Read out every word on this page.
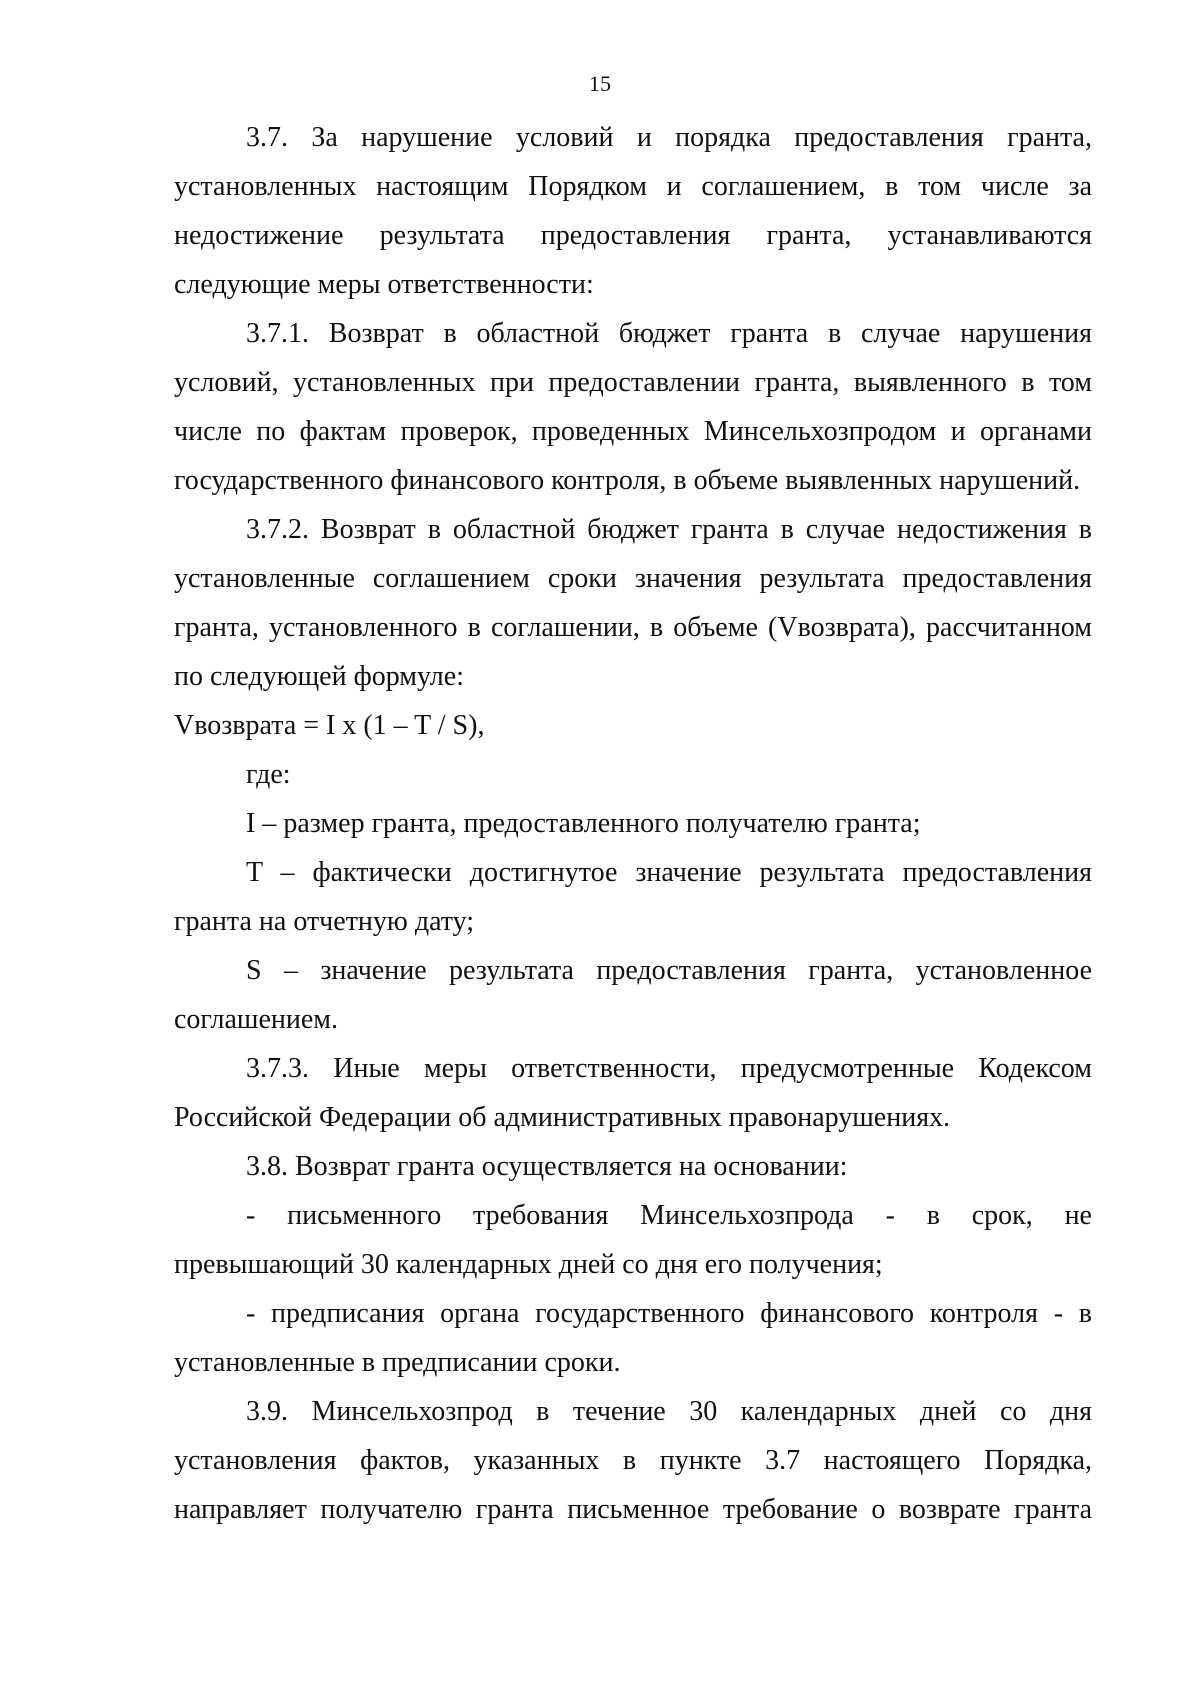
15

3.7. За нарушение условий и порядка предоставления гранта, установленных настоящим Порядком и соглашением, в том числе за недостижение результата предоставления гранта, устанавливаются следующие меры ответственности:

3.7.1. Возврат в областной бюджет гранта в случае нарушения условий, установленных при предоставлении гранта, выявленного в том числе по фактам проверок, проведенных Минсельхозпродом и органами государственного финансового контроля, в объеме выявленных нарушений.

3.7.2. Возврат в областной бюджет гранта в случае недостижения в установленные соглашением сроки значения результата предоставления гранта, установленного в соглашении, в объеме (Vвозврата), рассчитанном по следующей формуле:

Vвозврата = I x (1 – T / S),

где:

I – размер гранта, предоставленного получателю гранта;

T – фактически достигнутое значение результата предоставления гранта на отчетную дату;

S – значение результата предоставления гранта, установленное соглашением.

3.7.3. Иные меры ответственности, предусмотренные Кодексом Российской Федерации об административных правонарушениях.

3.8. Возврат гранта осуществляется на основании:

- письменного требования Минсельхозпрода - в срок, не превышающий 30 календарных дней со дня его получения;

- предписания органа государственного финансового контроля - в установленные в предписании сроки.

3.9. Минсельхозпрод в течение 30 календарных дней со дня установления фактов, указанных в пункте 3.7 настоящего Порядка, направляет получателю гранта письменное требование о возврате гранта
